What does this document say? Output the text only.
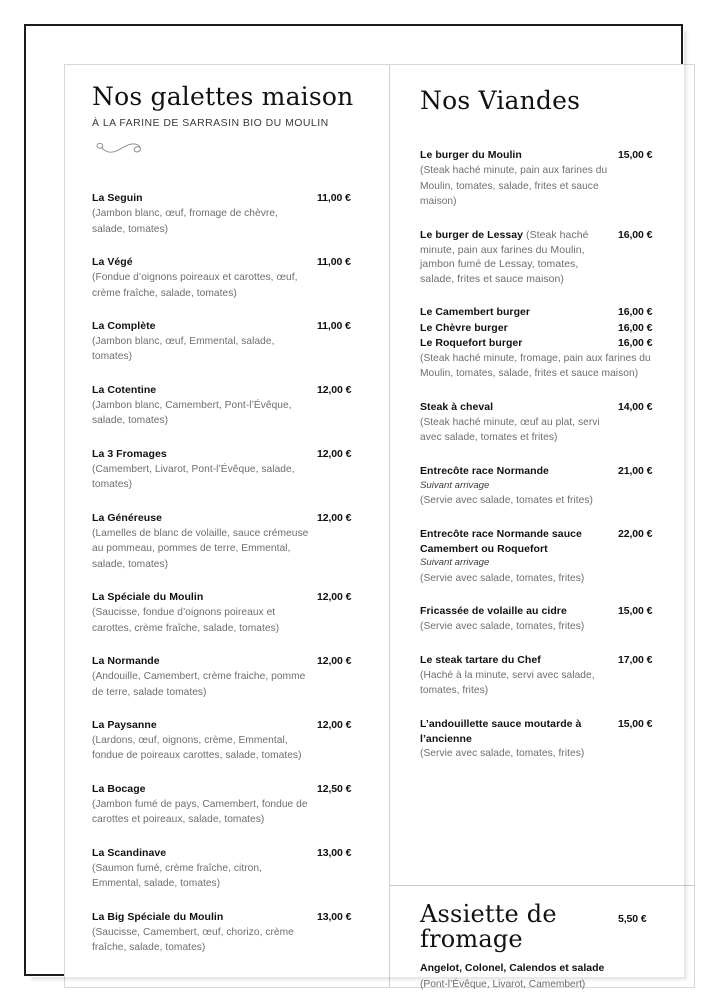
Nos galettes maison
À LA FARINE DE SARRASIN BIO DU MOULIN
La Seguin
(Jambon blanc, œuf, fromage de chèvre, salade, tomates)
11,00 €
La Végé
(Fondue d’oignons poireaux et carottes, œuf, crème fraîche, salade, tomates)
11,00 €
La Complète
(Jambon blanc, œuf, Emmental, salade, tomates)
11,00 €
La Cotentine
(Jambon blanc, Camembert, Pont-l’Évêque, salade, tomates)
12,00 €
La 3 Fromages
(Camembert, Livarot, Pont-l’Évêque, salade, tomates)
12,00 €
La Généreuse
(Lamelles de blanc de volaille, sauce crémeuse au pommeau, pommes de terre, Emmental, salade, tomates)
12,00 €
La Spéciale du Moulin
(Saucisse, fondue d’oignons poireaux et carottes, crème fraîche, salade, tomates)
12,00 €
La Normande
(Andouille, Camembert, crème fraiche, pomme de terre, salade tomates)
12,00 €
La Paysanne
(Lardons, œuf, oignons, crème, Emmental, fondue de poireaux carottes, salade, tomates)
12,00 €
La Bocage
(Jambon fumé de pays, Camembert, fondue de carottes et poireaux, salade, tomates)
12,50 €
La Scandinave
(Saumon fumé, crème fraîche, citron, Emmental, salade, tomates)
13,00 €
La Big Spéciale du Moulin
(Saucisse, Camembert, œuf, chorizo, crème fraîche, salade, tomates)
13,00 €
Nos Viandes
Le burger du Moulin
(Steak haché minute, pain aux farines du Moulin, tomates, salade, frites et sauce maison)
15,00 €
Le burger de Lessay (Steak haché minute, pain aux farines du Moulin, jambon fumé de Lessay, tomates, salade, frites et sauce maison)
16,00 €
Le Camembert burger	16,00 €
Le Chèvre burger	16,00 €
Le Roquefort burger	16,00 €
(Steak haché minute, fromage, pain aux farines du Moulin, tomates, salade, frites et sauce maison)
Steak à cheval
(Steak haché minute, œuf au plat, servi avec salade, tomates et frites)
14,00 €
Entrecôte race Normande
Suivant arrivage
(Servie avec salade, tomates et frites)
21,00 €
Entrecôte race Normande sauce Camembert ou Roquefort
Suivant arrivage
(Servie avec salade, tomates, frites)
22,00 €
Fricassée de volaille au cidre
(Servie avec salade, tomates, frites)
15,00 €
Le steak tartare du Chef
(Haché à la minute, servi avec salade, tomates, frites)
17,00 €
L’andouillette sauce moutarde à l’ancienne
(Servie avec salade, tomates, frites)
15,00 €
Assiette de fromage
5,50 €
Angelot, Colonel, Calendos et salade
(Pont-l’Évêque, Livarot, Camembert)
